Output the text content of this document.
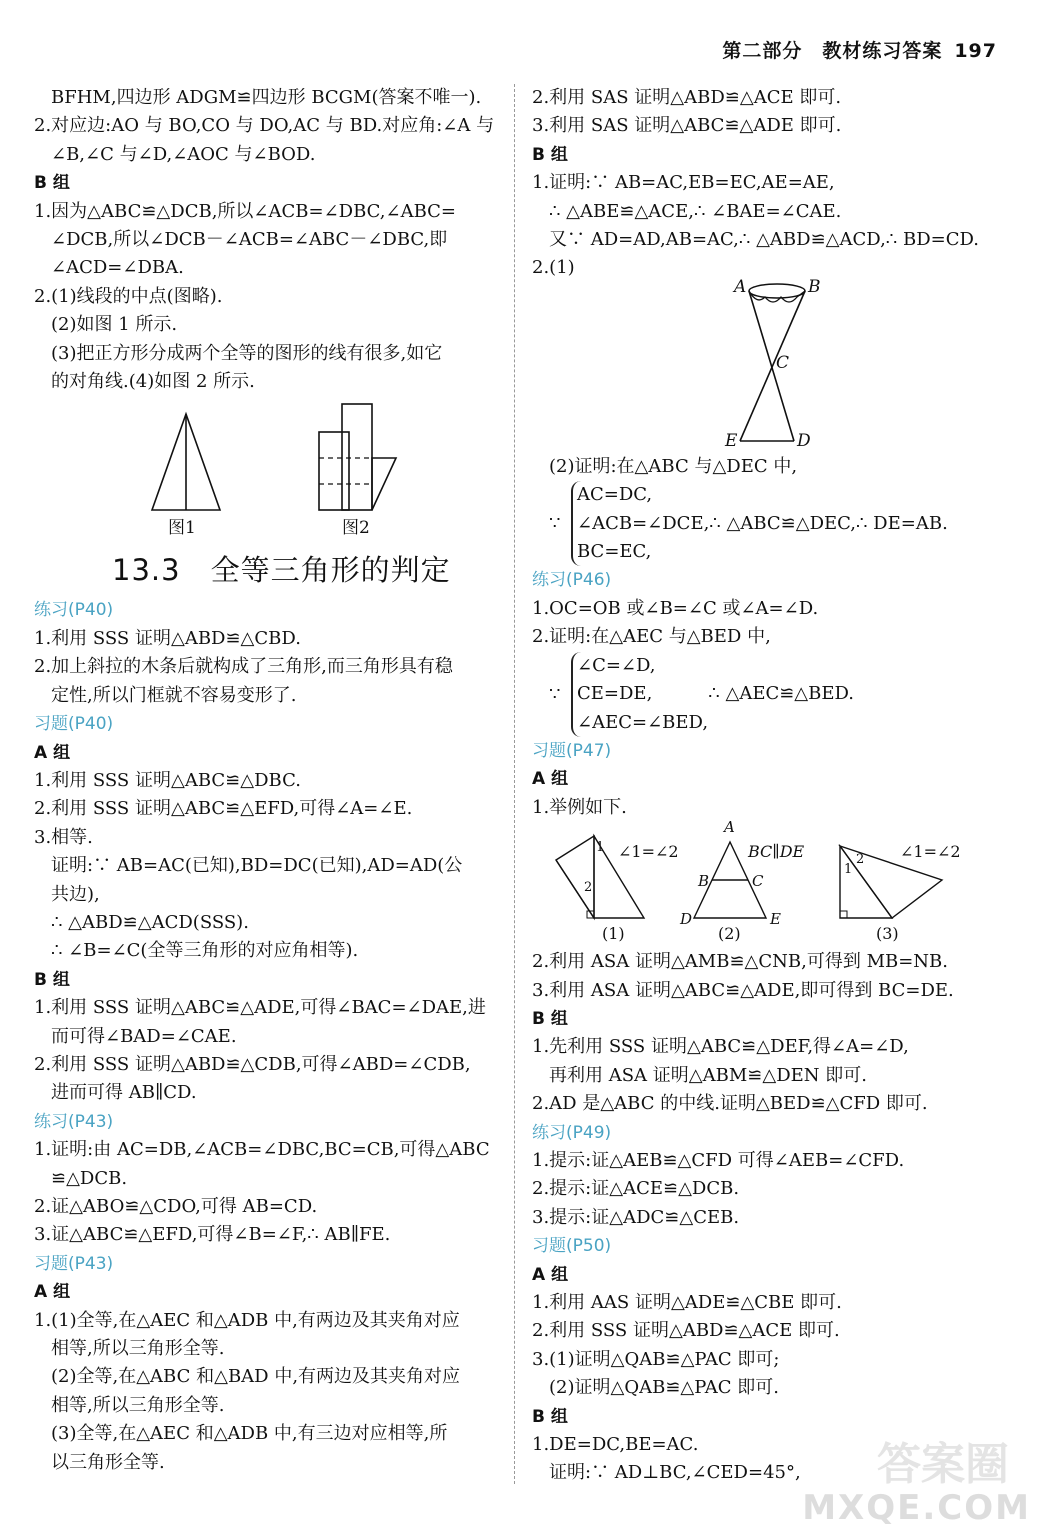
第二部分　教材练习答案 197
BFHM,四边形 ADGM≌四边形 BCGM(答案不唯一).
2.对应边:AO 与 BO,CO 与 DO,AC 与 BD.对应角:∠A 与
∠B,∠C 与∠D,∠AOC 与∠BOD.
B 组
1.因为△ABC≌△DCB,所以∠ACB=∠DBC,∠ABC=
∠DCB,所以∠DCB－∠ACB=∠ABC－∠DBC,即
∠ACD=∠DBA.
2.(1)线段的中点(图略).
(2)如图 1 所示.
(3)把正方形分成两个全等的图形的线有很多,如它
的对角线.(4)如图 2 所示.
图1	图2
13.3　全等三角形的判定
练习(P40)
1.利用 SSS 证明△ABD≌△CBD.
2.加上斜拉的木条后就构成了三角形,而三角形具有稳
定性,所以门框就不容易变形了.
习题(P40)
A 组
1.利用 SSS 证明△ABC≌△DBC.
2.利用 SSS 证明△ABC≌△EFD,可得∠A=∠E.
3.相等.
证明:∵ AB=AC(已知),BD=DC(已知),AD=AD(公
共边),
∴ △ABD≌△ACD(SSS).
∴ ∠B=∠C(全等三角形的对应角相等).
B 组
1.利用 SSS 证明△ABC≌△ADE,可得∠BAC=∠DAE,进
而可得∠BAD=∠CAE.
2.利用 SSS 证明△ABD≌△CDB,可得∠ABD=∠CDB,
进而可得 AB∥CD.
练习(P43)
1.证明:由 AC=DB,∠ACB=∠DBC,BC=CB,可得△ABC
≌△DCB.
2.证△ABO≌△CDO,可得 AB=CD.
3.证△ABC≌△EFD,可得∠B=∠F,∴ AB∥FE.
习题(P43)
A 组
1.(1)全等,在△AEC 和△ADB 中,有两边及其夹角对应
相等,所以三角形全等.
(2)全等,在△ABC 和△BAD 中,有两边及其夹角对应
相等,所以三角形全等.
(3)全等,在△AEC 和△ADB 中,有三边对应相等,所
以三角形全等.
2.利用 SAS 证明△ABD≌△ACE 即可.
3.利用 SAS 证明△ABC≌△ADE 即可.
B 组
1.证明:∵ AB=AC,EB=EC,AE=AE,
∴ △ABE≌△ACE,∴ ∠BAE=∠CAE.
又∵ AD=AD,AB=AC,∴ △ABD≌△ACD,∴ BD=CD.
2.(1)
A	B
C
E	D
(2)证明:在△ABC 与△DEC 中,
∵
AC=DC,
∠ACB=∠DCE,∴ △ABC≌△DEC,∴ DE=AB.
BC=EC,
练习(P46)
1.OC=OB 或∠B=∠C 或∠A=∠D.
2.证明:在△AEC 与△BED 中,
∵
∠C=∠D,
CE=DE,	∴ △AEC≌△BED.
∠AEC=∠BED,
习题(P47)
A 组
1.举例如下.
1
2
∠1=∠2
(1)
A
B	C
D	E
BC∥DE
(2)
1
2 ∠1=∠2
(3)
2.利用 ASA 证明△AMB≌△CNB,可得到 MB=NB.
3.利用 ASA 证明△ABC≌△ADE,即可得到 BC=DE.
B 组
1.先利用 SSS 证明△ABC≌△DEF,得∠A=∠D,
再利用 ASA 证明△ABM≌△DEN 即可.
2.AD 是△ABC 的中线.证明△BED≌△CFD 即可.
练习(P49)
1.提示:证△AEB≌△CFD 可得∠AEB=∠CFD.
2.提示:证△ACE≌△DCB.
3.提示:证△ADC≌△CEB.
习题(P50)
A 组
1.利用 AAS 证明△ADE≌△CBE 即可.
2.利用 SSS 证明△ABD≌△ACE 即可.
3.(1)证明△QAB≌△PAC 即可;
(2)证明△QAB≌△PAC 即可.
B 组
1.DE=DC,BE=AC.
证明:∵ AD⊥BC,∠CED=45°,	答案圈
MXQE.COM
